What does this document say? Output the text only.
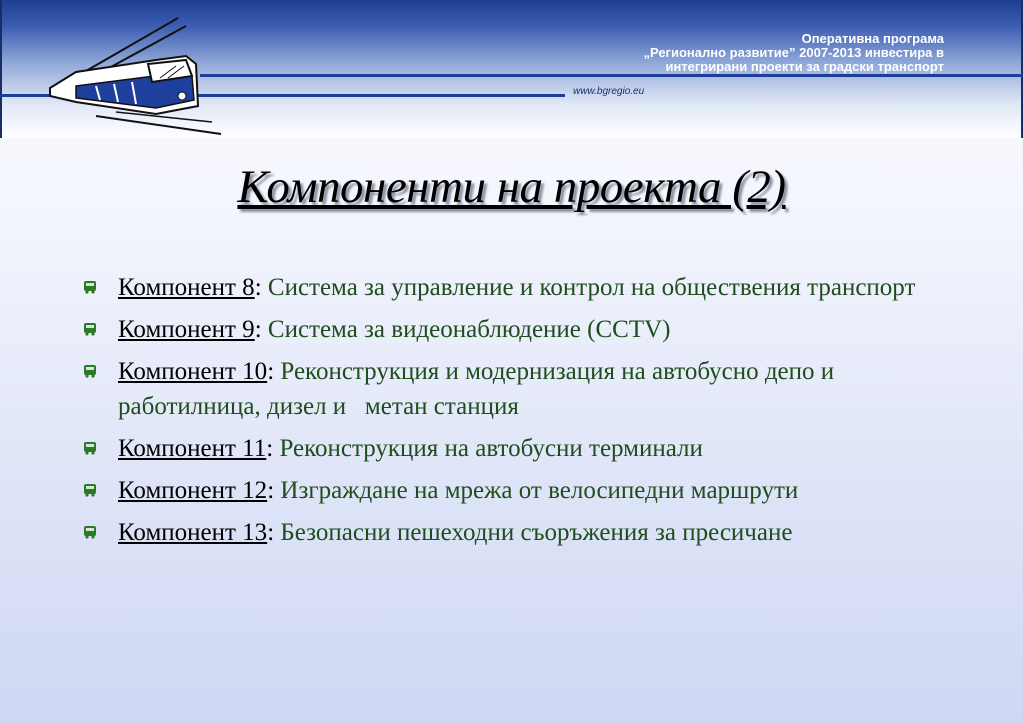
Оперативна програма
„Регионално развитие” 2007-2013 инвестира в
интегрирани проекти за градски транспорт
www.bgregio.eu
Компоненти на проекта (2)
Компонент 8: Система за управление и контрол на обществения транспорт
Компонент 9: Система за видеонаблюдение (CCTV)
Компонент 10: Реконструкция и модернизация на автобусно депо и работилница, дизел и   метан станция
Компонент 11: Реконструкция на автобусни терминали
Компонент 12: Изграждане на мрежа от велосипедни маршрути
Компонент 13: Безопасни пешеходни съоръжения за пресичане
